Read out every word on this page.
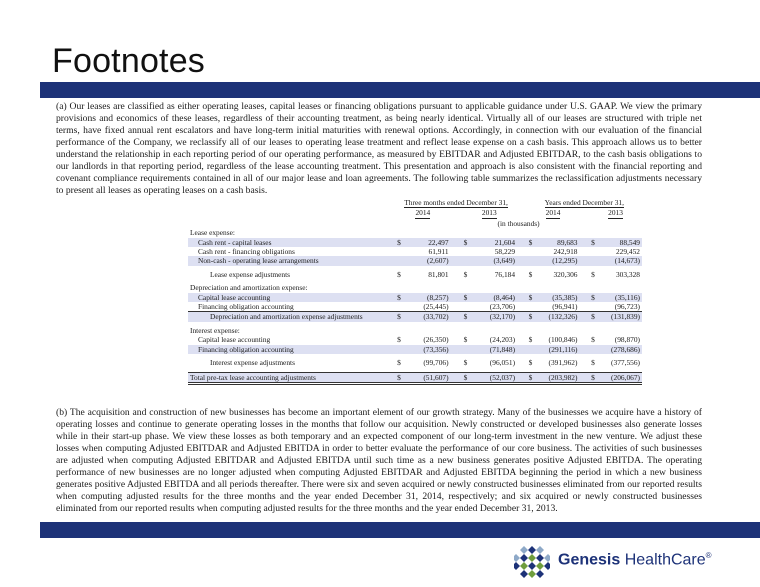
Footnotes

(a) Our leases are classified as either operating leases, capital leases or financing obligations pursuant to applicable guidance under U.S. GAAP. We view the primary provisions and economics of these leases, regardless of their accounting treatment, as being nearly identical. Virtually all of our leases are structured with triple net terms, have fixed annual rent escalators and have long-term initial maturities with renewal options. Accordingly, in connection with our evaluation of the financial performance of the Company, we reclassify all of our leases to operating lease treatment and reflect lease expense on a cash basis. This approach allows us to better understand the relationship in each reporting period of our operating performance, as measured by EBITDAR and Adjusted EBITDAR, to the cash basis obligations to our landlords in that reporting period, regardless of the lease accounting treatment. This presentation and approach is also consistent with the financial reporting and covenant compliance requirements contained in all of our major lease and loan agreements. The following table summarizes the reclassification adjustments necessary to present all leases as operating leases on a cash basis.

	Three months ended December 31,						Years ended December 31,				
	2014			2013			2014			2013	
	(in thousands)										
Lease expense:											
Cash rent - capital leases	$	22,497		$	21,604		$	89,683		$	88,549
Cash rent - financing obligations		61,911			58,229			242,918			229,452
Non-cash - operating lease arrangements		(2,607)			(3,649)			(12,295)			(14,673)

Lease expense adjustments	$	81,801		$	76,184		$	320,306		$	303,328

Depreciation and amortization expense:											
Capital lease accounting	$	(8,257)		$	(8,464)		$	(35,385)		$	(35,116)
Financing obligation accounting		(25,445)			(23,706)			(96,941)			(96,723)
Depreciation and amortization expense adjustments	$	(33,702)		$	(32,170)		$	(132,326)		$	(131,839)

Interest expense:											
Capital lease accounting	$	(26,350)		$	(24,203)		$	(100,846)		$	(98,870)
Financing obligation accounting		(73,356)			(71,848)			(291,116)			(278,686)

Interest expense adjustments	$	(99,706)		$	(96,051)		$	(391,962)		$	(377,556)

Total pre-tax lease accounting adjustments	$	(51,607)		$	(52,037)		$	(203,982)		$	(206,067)

(b) The acquisition and construction of new businesses has become an important element of our growth strategy. Many of the businesses we acquire have a history of operating losses and continue to generate operating losses in the months that follow our acquisition. Newly constructed or developed businesses also generate losses while in their start-up phase. We view these losses as both temporary and an expected component of our long-term investment in the new venture. We adjust these losses when computing Adjusted EBITDAR and Adjusted EBITDA in order to better evaluate the performance of our core business. The activities of such businesses are adjusted when computing Adjusted EBITDAR and Adjusted EBITDA until such time as a new business generates positive Adjusted EBITDA. The operating performance of new businesses are no longer adjusted when computing Adjusted EBITDAR and Adjusted EBITDA beginning the period in which a new business generates positive Adjusted EBITDA and all periods thereafter. There were six and seven acquired or newly constructed businesses eliminated from our reported results when computing adjusted results for the three months and the year ended December 31, 2014, respectively; and six acquired or newly constructed businesses eliminated from our reported results when computing adjusted results for the three months and the year ended December 31, 2013.

Genesis HealthCare®
